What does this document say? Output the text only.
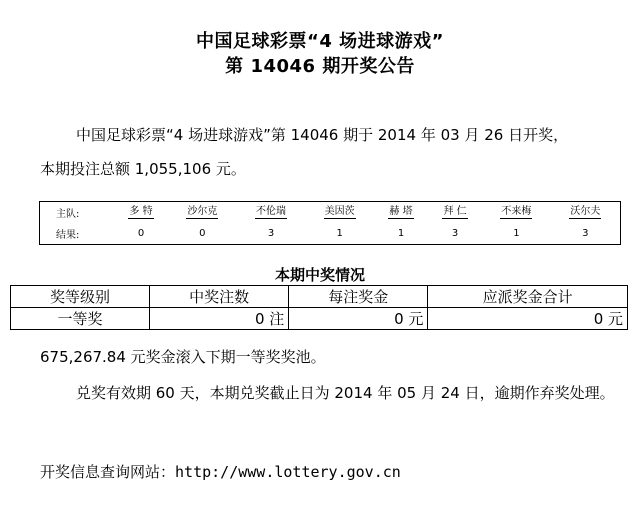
中国足球彩票“4 场进球游戏”
第 14046 期开奖公告
中国足球彩票“4 场进球游戏”第 14046 期于 2014 年 03 月 26 日开奖，
本期投注总额 1,055,106 元。
主队:	多 特	沙尔克	不伦瑞	美因茨	赫 塔	拜 仁	不来梅	沃尔夫
结果:	0	0	3	1	1	3	1	3
本期中奖情况
奖等级别	中奖注数	每注奖金	应派奖金合计
一等奖	0 注	0 元	0 元
675,267.84 元奖金滚入下期一等奖奖池。
兑奖有效期 60 天，本期兑奖截止日为 2014 年 05 月 24 日，逾期作弃奖处理。
开奖信息查询网站：http://www.lottery.gov.cn
